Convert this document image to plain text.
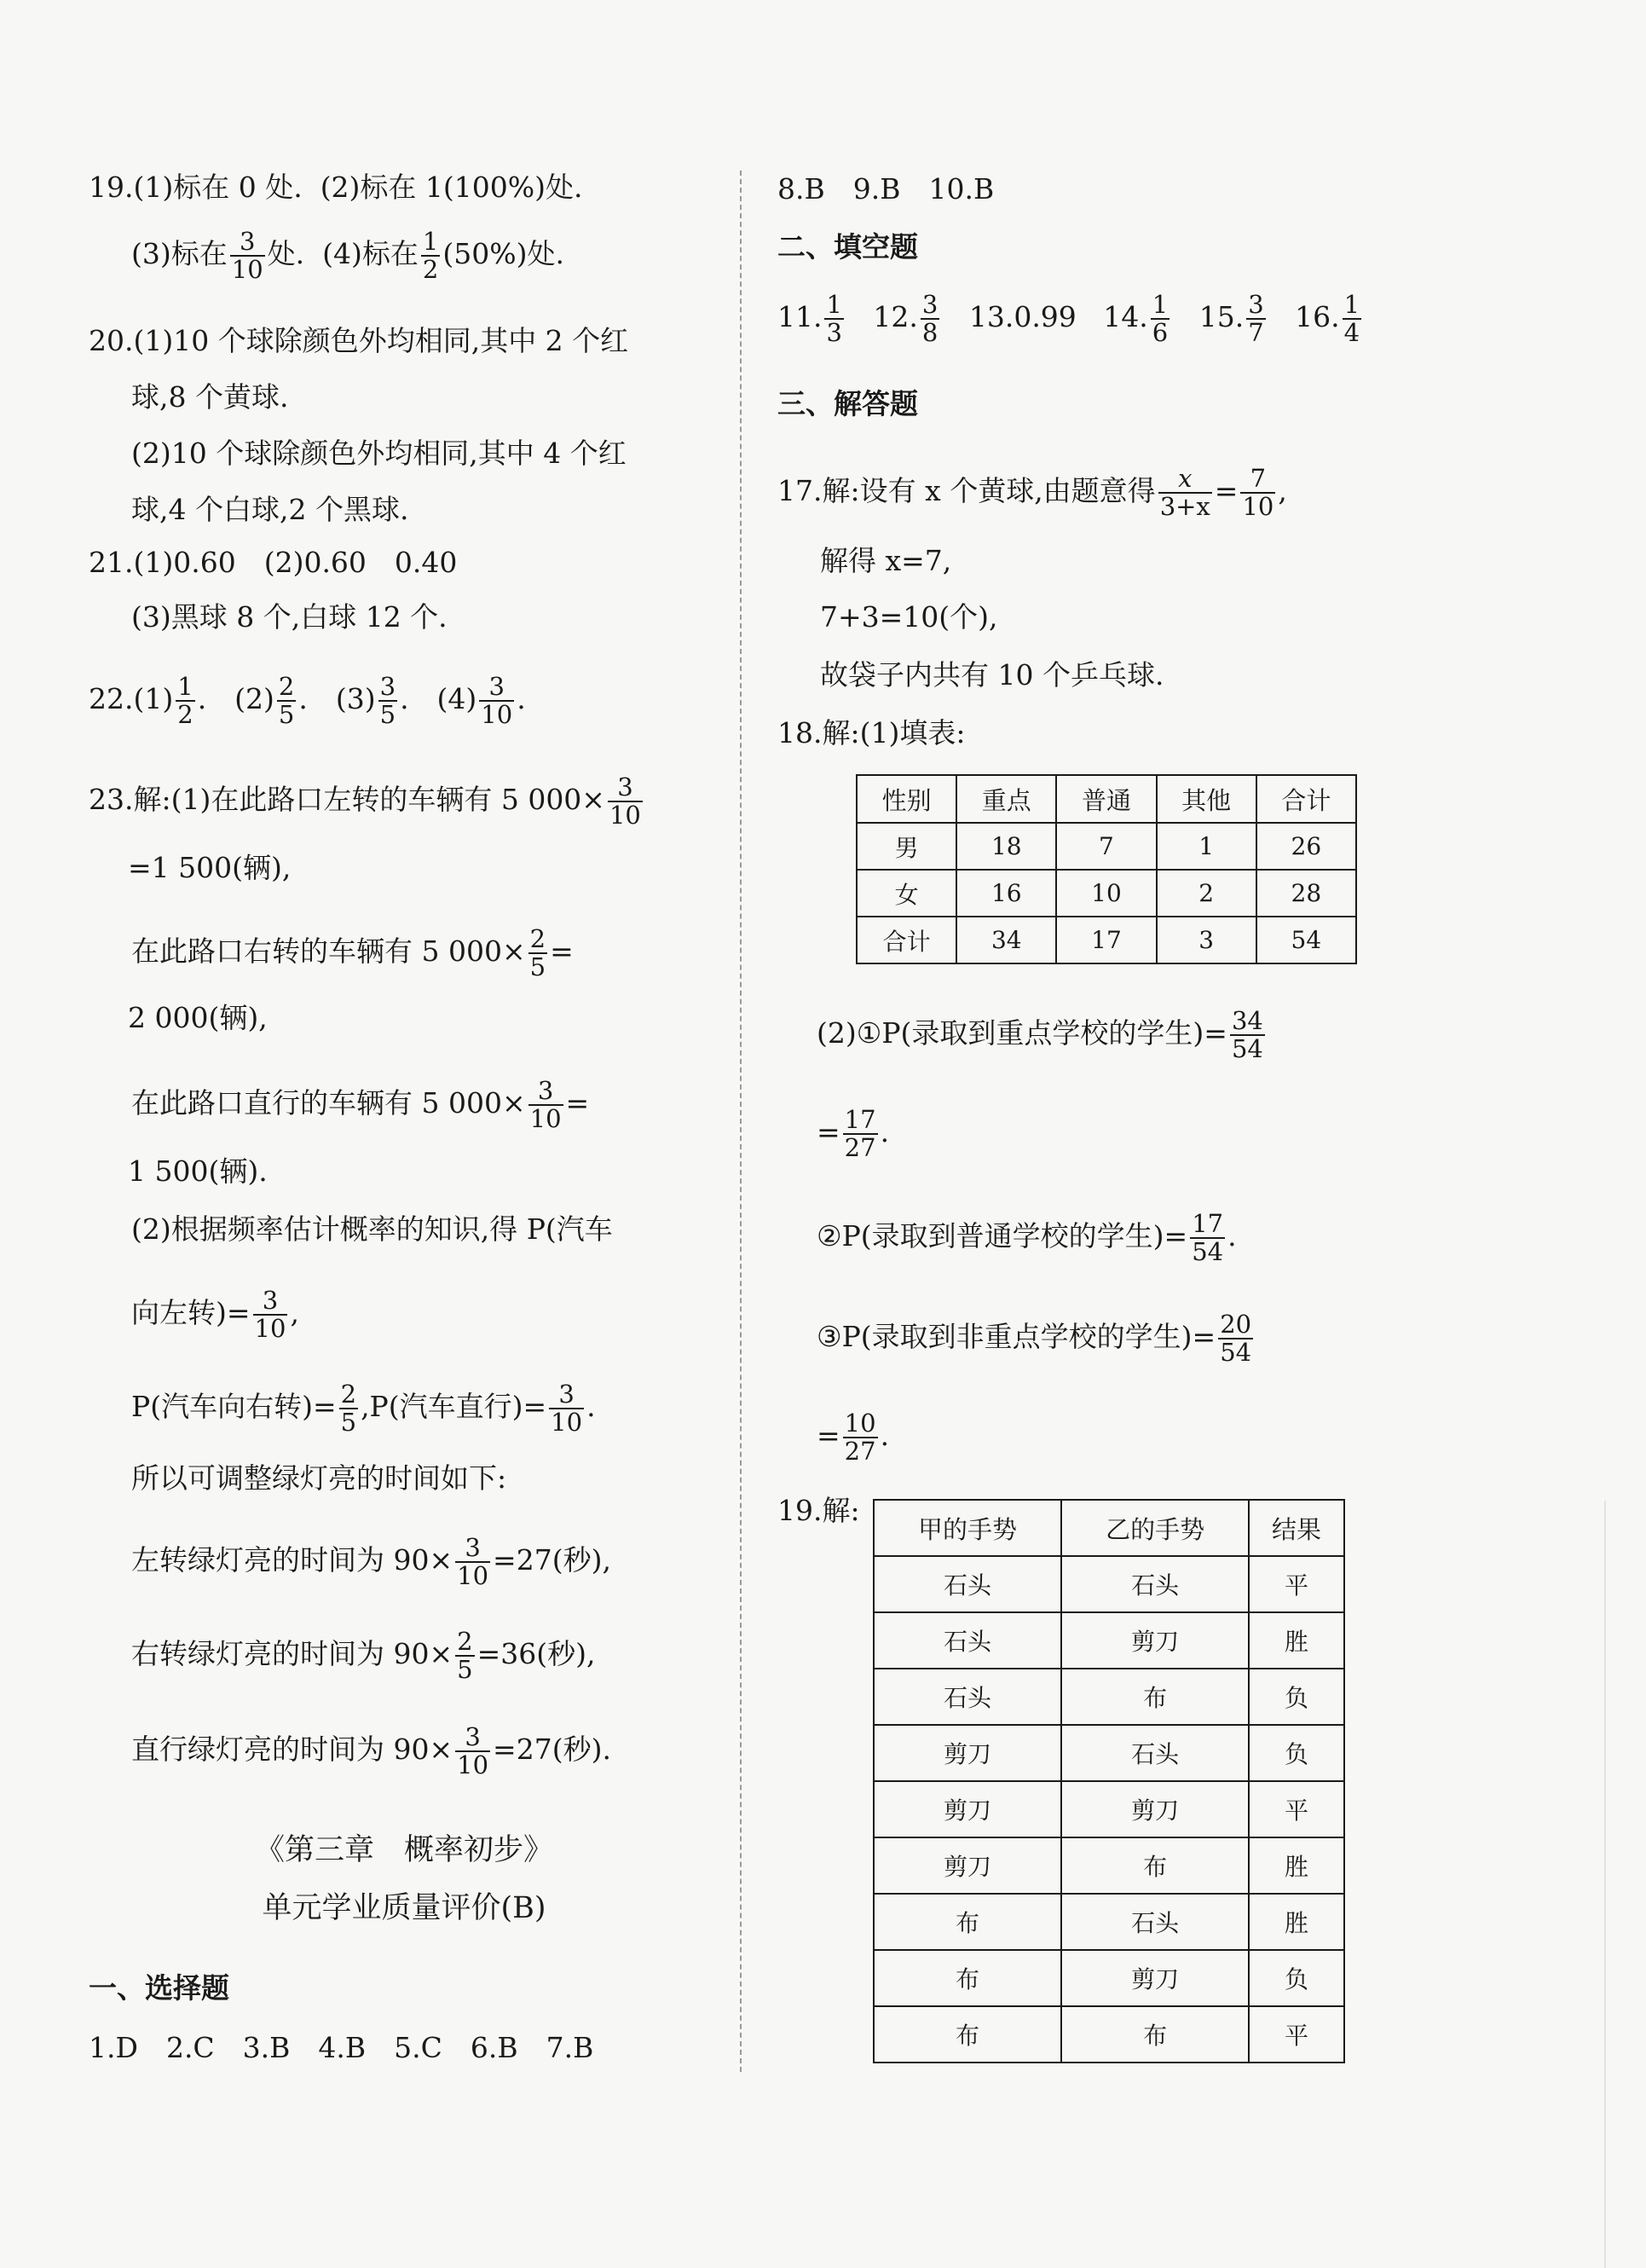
19.(1)标在 0 处. (2)标在 1(100%)处.
(3)标在 $\frac{3}{10}$ 处. (4)标在 $\frac{1}{2} (50\%)$处.
20.(1)10 个球除颜色外均相同,其中 2 个红
球,8 个黄球.
(2)10 个球除颜色外均相同,其中 4 个红
球,4 个白球,2 个黑球.
21.(1)0.60　(2)0.60　0.40
(3)黑球 8 个,白球 12 个.
$22.(1) \frac{1}{2}$ .　$(2) \frac{2}{5}$ .　$(3) \frac{3}{5}$ .　$(4) \frac{3}{10}$ .
23.解:(1)在此路口左转的车辆有 5 $000\times \frac{3}{10}$
=1 500(辆),
在此路口右转的车辆有 5 $000\times \frac{2}{5}$ =
2 000(辆),
在此路口直行的车辆有 5 $000\times \frac{3}{10}$ =
1 500(辆).
(2)根据频率估计概率的知识,得 P(汽车
向左转)= $\frac{3}{10}$ ,
P(汽车向右转)= $\frac{2}{5} ,P$(汽车直行)= $\frac{3}{10}$ .
所以可调整绿灯亮的时间如下:
左转绿灯亮的时间为 $90\times \frac{3}{10} =27$(秒),
右转绿灯亮的时间为 $90\times \frac{2}{5} =36$(秒),
直行绿灯亮的时间为 $90\times \frac{3}{10} =27$(秒).
《第三章　概率初步》
单元学业质量评价(B)
一、选择题
1.D　2.C　3.B　4.B　5.C　6.B　7.B
8.B　9.B　10.B
二、填空题
11. $\frac{1}{3} 12$. $\frac{3}{8} 13.0.99$ 14. $\frac{1}{6} 15$. $\frac{3}{7} 16$. $\frac{1}{4}$
三、解答题
17.解:设有 x 个黄球,由题意得 $\frac{x}{3+x} = \frac{7}{10}$ ,
解得 x=7,
7+3=10(个),
故袋子内共有 10 个乒乓球.
18.解:(1)填表:
性别	重点	普通	其他	合计
男	18	7	1	26
女	16	10	2	28
合计	34	17	3	54
(2)①P(录取到重点学校的学生)= $\frac{34}{54}$
= $\frac{17}{27}$ .
②P(录取到普通学校的学生)= $\frac{17}{54}$ .
③P(录取到非重点学校的学生)= $\frac{20}{54}$
= $\frac{10}{27}$ .
19.解:
甲的手势	乙的手势	结果
石头	石头	平
石头	剪刀	胜
石头	布	负
剪刀	石头	负
剪刀	剪刀	平
剪刀	布	胜
布	石头	胜
布	剪刀	负
布	布	平
